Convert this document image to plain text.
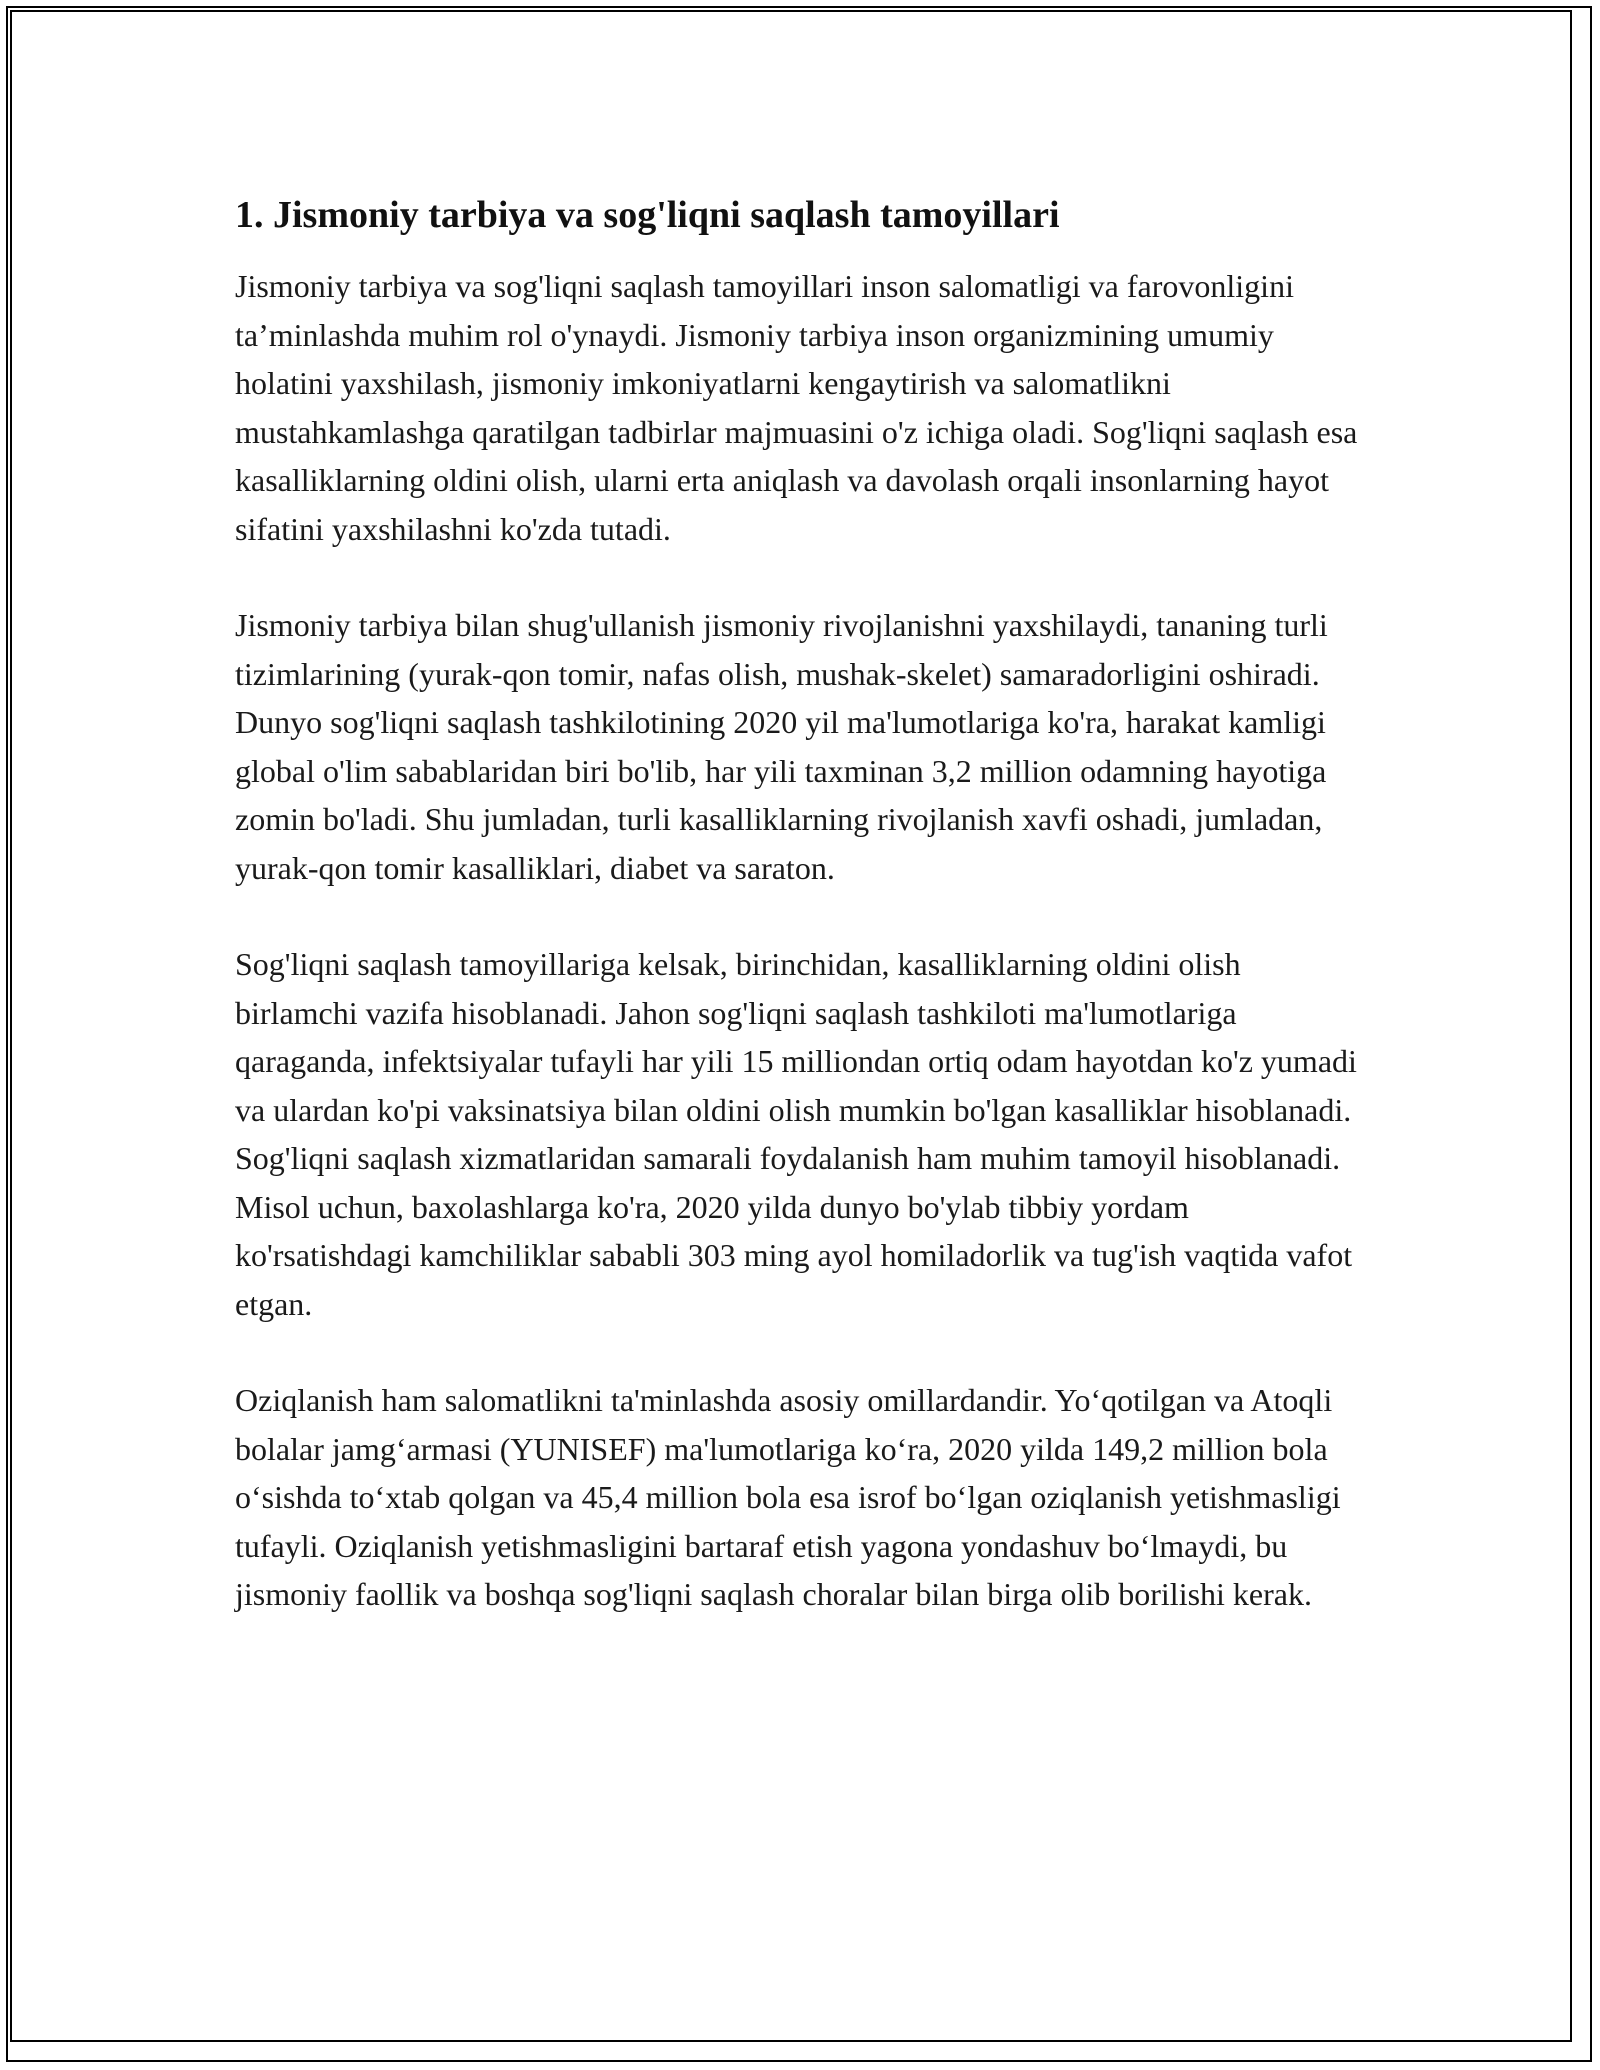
1. Jismoniy tarbiya va sog'liqni saqlash tamoyillari

Jismoniy tarbiya va sog'liqni saqlash tamoyillari inson salomatligi va farovonligini ta’minlashda muhim rol o'ynaydi. Jismoniy tarbiya inson organizmining umumiy holatini yaxshilash, jismoniy imkoniyatlarni kengaytirish va salomatlikni mustahkamlashga qaratilgan tadbirlar majmuasini o'z ichiga oladi. Sog'liqni saqlash esa kasalliklarning oldini olish, ularni erta aniqlash va davolash orqali insonlarning hayot sifatini yaxshilashni ko'zda tutadi.

Jismoniy tarbiya bilan shug'ullanish jismoniy rivojlanishni yaxshilaydi, tananing turli tizimlarining (yurak-qon tomir, nafas olish, mushak-skelet) samaradorligini oshiradi. Dunyo sog'liqni saqlash tashkilotining 2020 yil ma'lumotlariga ko'ra, harakat kamligi global o'lim sabablaridan biri bo'lib, har yili taxminan 3,2 million odamning hayotiga zomin bo'ladi. Shu jumladan, turli kasalliklarning rivojlanish xavfi oshadi, jumladan, yurak-qon tomir kasalliklari, diabet va saraton.

Sog'liqni saqlash tamoyillariga kelsak, birinchidan, kasalliklarning oldini olish birlamchi vazifa hisoblanadi. Jahon sog'liqni saqlash tashkiloti ma'lumotlariga qaraganda, infektsiyalar tufayli har yili 15 milliondan ortiq odam hayotdan ko'z yumadi va ulardan ko'pi vaksinatsiya bilan oldini olish mumkin bo'lgan kasalliklar hisoblanadi. Sog'liqni saqlash xizmatlaridan samarali foydalanish ham muhim tamoyil hisoblanadi. Misol uchun, baxolashlarga ko'ra, 2020 yilda dunyo bo'ylab tibbiy yordam ko'rsatishdagi kamchiliklar sababli 303 ming ayol homiladorlik va tug'ish vaqtida vafot etgan.

Oziqlanish ham salomatlikni ta'minlashda asosiy omillardandir. Yoʻqotilgan va Atoqli bolalar jamgʻarmasi (YUNISEF) ma'lumotlariga koʻra, 2020 yilda 149,2 million bola oʻsishda toʻxtab qolgan va 45,4 million bola esa isrof boʻlgan oziqlanish yetishmasligi tufayli. Oziqlanish yetishmasligini bartaraf etish yagona yondashuv boʻlmaydi, bu jismoniy faollik va boshqa sog'liqni saqlash choralar bilan birga olib borilishi kerak.
